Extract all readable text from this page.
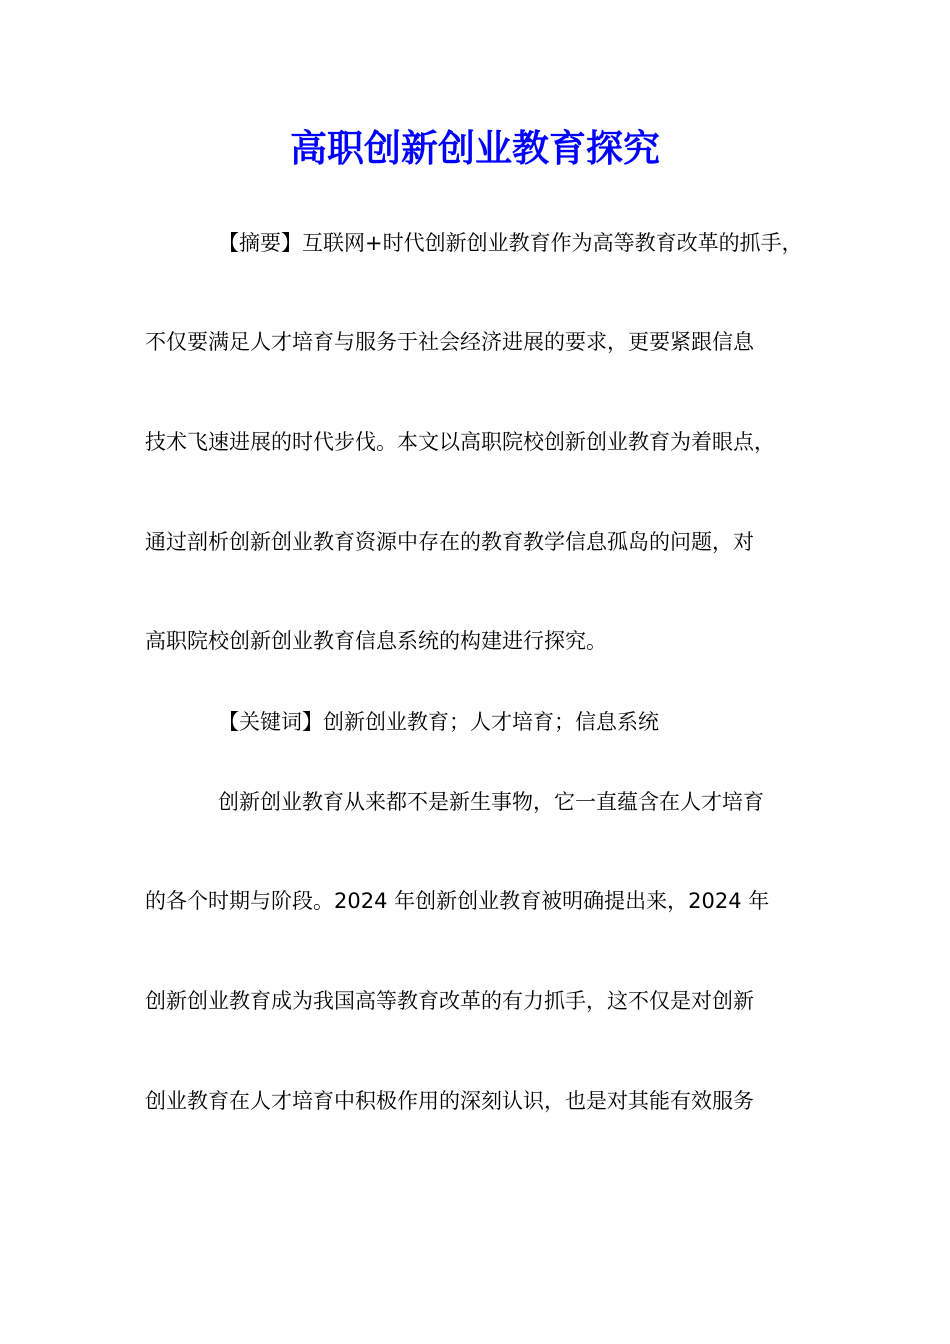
高职创新创业教育探究

【摘要】互联网+时代创新创业教育作为高等教育改革的抓手，

不仅要满足人才培育与服务于社会经济进展的要求，更要紧跟信息

技术飞速进展的时代步伐。本文以高职院校创新创业教育为着眼点，

通过剖析创新创业教育资源中存在的教育教学信息孤岛的问题，对

高职院校创新创业教育信息系统的构建进行探究。

【关键词】创新创业教育；人才培育；信息系统

创新创业教育从来都不是新生事物，它一直蕴含在人才培育

的各个时期与阶段。2024 年创新创业教育被明确提出来，2024 年

创新创业教育成为我国高等教育改革的有力抓手，这不仅是对创新

创业教育在人才培育中积极作用的深刻认识，也是对其能有效服务
